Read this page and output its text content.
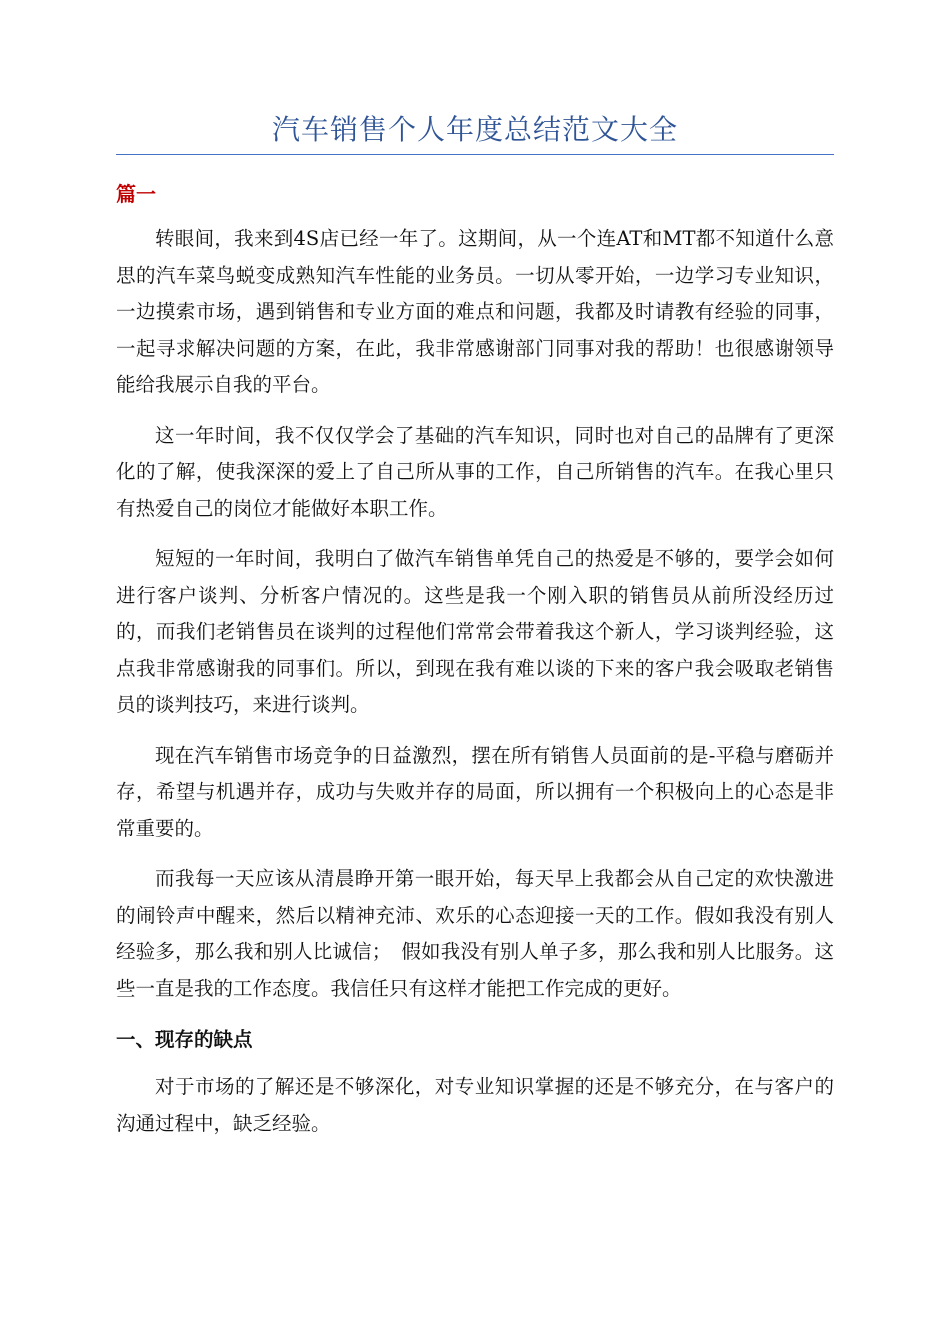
汽车销售个人年度总结范文大全
篇一

转眼间，我来到4S店已经一年了。这期间，从一个连AT和MT都不知道什么意思的汽车菜鸟蜕变成熟知汽车性能的业务员。一切从零开始，一边学习专业知识，一边摸索市场，遇到销售和专业方面的难点和问题，我都及时请教有经验的同事，一起寻求解决问题的方案，在此，我非常感谢部门同事对我的帮助！也很感谢领导能给我展示自我的平台。

这一年时间，我不仅仅学会了基础的汽车知识，同时也对自己的品牌有了更深化的了解，使我深深的爱上了自己所从事的工作，自己所销售的汽车。在我心里只有热爱自己的岗位才能做好本职工作。

短短的一年时间，我明白了做汽车销售单凭自己的热爱是不够的，要学会如何进行客户谈判、分析客户情况的。这些是我一个刚入职的销售员从前所没经历过的，而我们老销售员在谈判的过程他们常常会带着我这个新人，学习谈判经验，这点我非常感谢我的同事们。所以，到现在我有难以谈的下来的客户我会吸取老销售员的谈判技巧，来进行谈判。

现在汽车销售市场竞争的日益激烈，摆在所有销售人员面前的是-平稳与磨砺并存，希望与机遇并存，成功与失败并存的局面，所以拥有一个积极向上的心态是非常重要的。

而我每一天应该从清晨睁开第一眼开始，每天早上我都会从自己定的欢快激进的闹铃声中醒来，然后以精神充沛、欢乐的心态迎接一天的工作。假如我没有别人经验多，那么我和别人比诚信；　假如我没有别人单子多，那么我和别人比服务。这些一直是我的工作态度。我信任只有这样才能把工作完成的更好。

一、现存的缺点

对于市场的了解还是不够深化，对专业知识掌握的还是不够充分，在与客户的沟通过程中，缺乏经验。
